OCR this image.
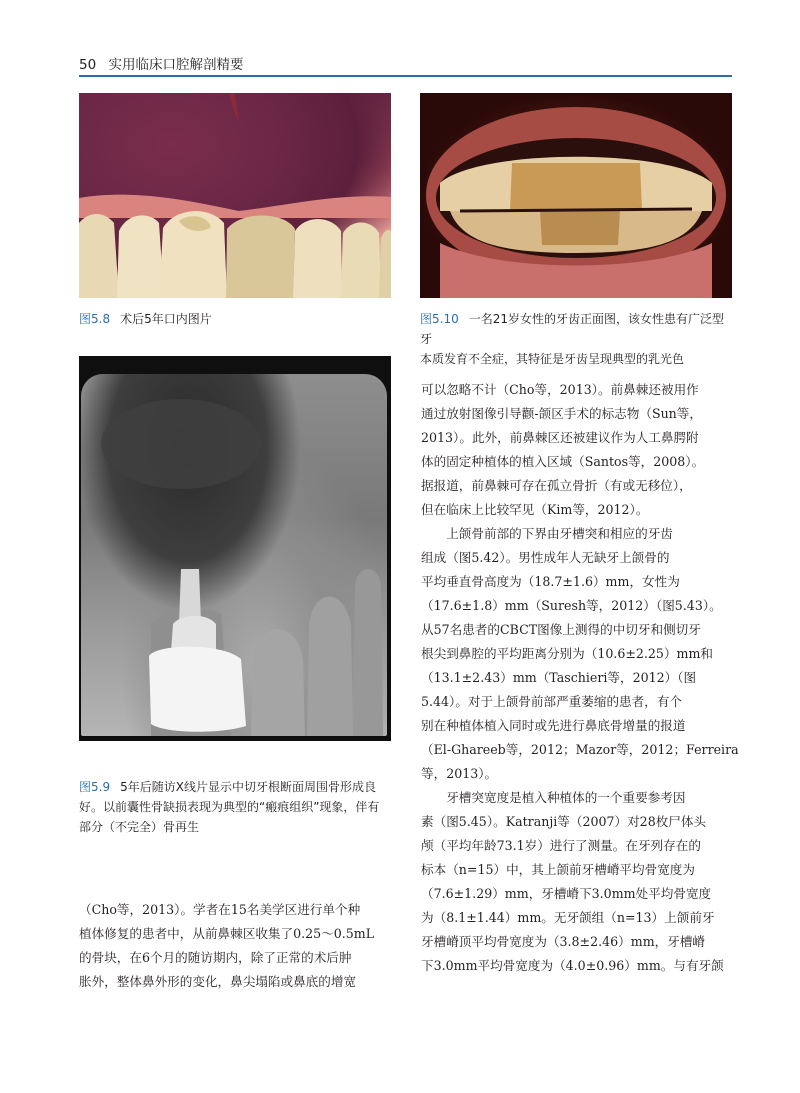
50 实用临床口腔解剖精要
图5.8 术后5年口内图片	图5.10 一名21岁女性的牙齿正面图，该女性患有广泛型牙
本质发育不全症，其特征是牙齿呈现典型的乳光色
图5.9 5年后随访X线片显示中切牙根断面周围骨形成良
好。以前囊性骨缺损表现为典型的“瘢痕组织”现象，伴有
部分（不完全）骨再生
（Cho等，2013）。学者在15名美学区进行单个种
植体修复的患者中，从前鼻棘区收集了0.25～0.5mL
的骨块，在6个月的随访期内，除了正常的术后肿
胀外，整体鼻外形的变化，鼻尖塌陷或鼻底的增宽
可以忽略不计（Cho等，2013）。前鼻棘还被用作
通过放射图像引导颧-颌区手术的标志物（Sun等，
2013）。此外，前鼻棘区还被建议作为人工鼻腭附
体的固定种植体的植入区域（Santos等，2008）。
据报道，前鼻棘可存在孤立骨折（有或无移位），
但在临床上比较罕见（Kim等，2012）。
　　上颌骨前部的下界由牙槽突和相应的牙齿
组成（图5.42）。男性成年人无缺牙上颌骨的
平均垂直骨高度为（18.7±1.6）mm，女性为
（17.6±1.8）mm（Suresh等，2012）（图5.43）。
从57名患者的CBCT图像上测得的中切牙和侧切牙
根尖到鼻腔的平均距离分别为（10.6±2.25）mm和
（13.1±2.43）mm（Taschieri等，2012）（图
5.44）。对于上颌骨前部严重萎缩的患者，有个
别在种植体植入同时或先进行鼻底骨增量的报道
（El-Ghareeb等，2012；Mazor等，2012；Ferreira
等，2013）。
　　牙槽突宽度是植入种植体的一个重要参考因
素（图5.45）。Katranji等（2007）对28枚尸体头
颅（平均年龄73.1岁）进行了测量。在牙列存在的
标本（n=15）中，其上颌前牙槽嵴平均骨宽度为
（7.6±1.29）mm，牙槽嵴下3.0mm处平均骨宽度
为（8.1±1.44）mm。无牙颌组（n=13）上颌前牙
牙槽嵴顶平均骨宽度为（3.8±2.46）mm，牙槽嵴
下3.0mm平均骨宽度为（4.0±0.96）mm。与有牙颌
